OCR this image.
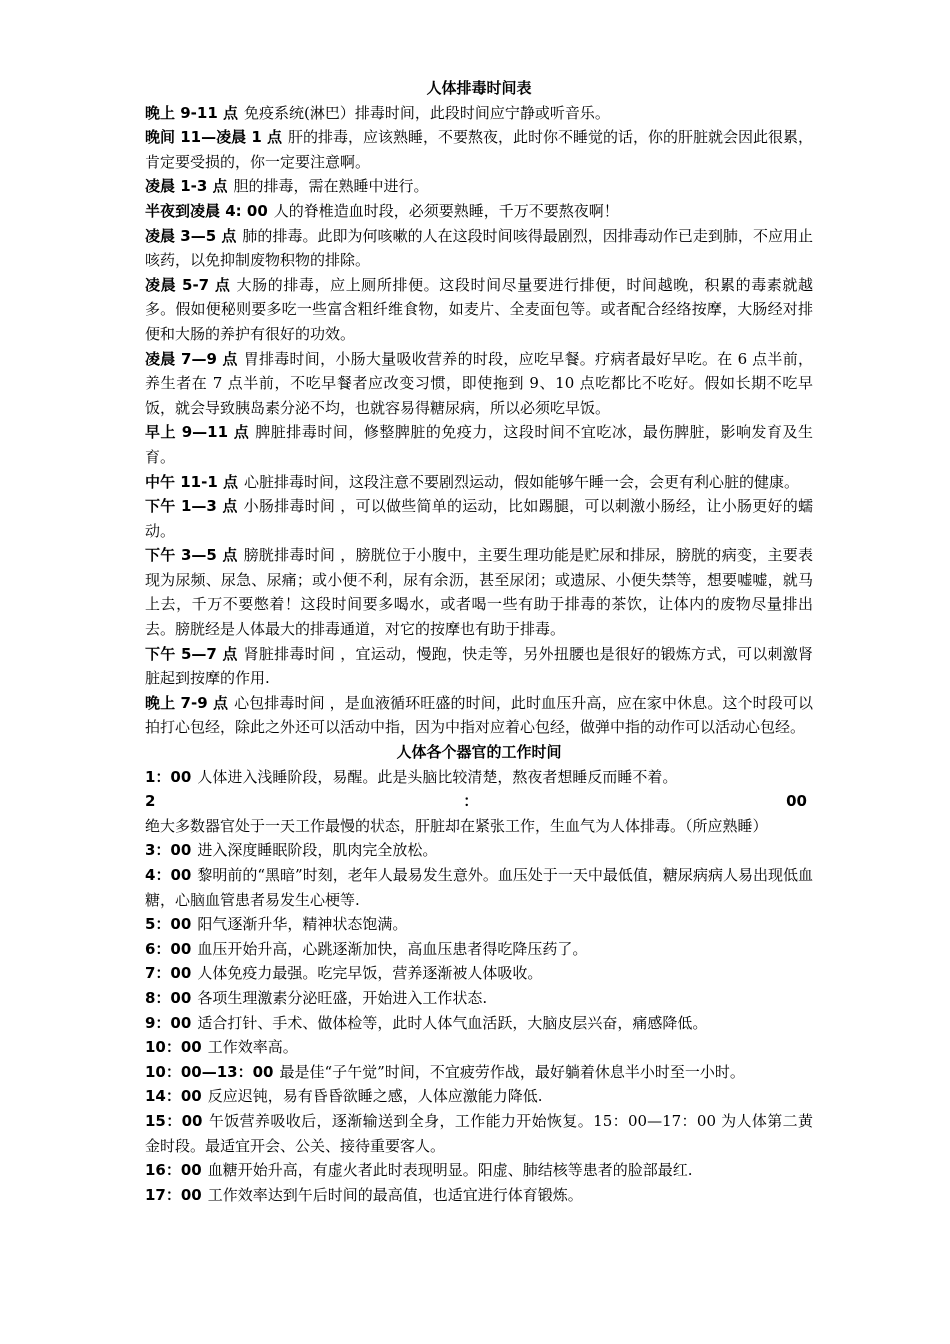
人体排毒时间表

晚上 9-11 点 免疫系统(淋巴）排毒时间，此段时间应宁静或听音乐。

晚间 11—凌晨 1 点 肝的排毒，应该熟睡，不要熬夜，此时你不睡觉的话，你的肝脏就会因此很累，肯定要受损的，你一定要注意啊。

凌晨 1-3 点 胆的排毒，需在熟睡中进行。

半夜到凌晨 4: 00 人的脊椎造血时段，必须要熟睡，千万不要熬夜啊！

凌晨 3—5 点 肺的排毒。此即为何咳嗽的人在这段时间咳得最剧烈，因排毒动作已走到肺，不应用止咳药，以免抑制废物积物的排除。

凌晨 5-7 点 大肠的排毒，应上厕所排便。这段时间尽量要进行排便，时间越晚，积累的毒素就越多。假如便秘则要多吃一些富含粗纤维食物，如麦片、全麦面包等。或者配合经络按摩，大肠经对排便和大肠的养护有很好的功效。

凌晨 7—9 点 胃排毒时间，小肠大量吸收营养的时段，应吃早餐。疗病者最好早吃。在 6 点半前，养生者在 7 点半前，不吃早餐者应改变习惯，即使拖到 9、10 点吃都比不吃好。假如长期不吃早饭，就会导致胰岛素分泌不均，也就容易得糖尿病，所以必须吃早饭。

早上 9—11 点 脾脏排毒时间，修整脾脏的免疫力，这段时间不宜吃冰，最伤脾脏，影响发育及生育。

中午 11-1 点 心脏排毒时间，这段注意不要剧烈运动，假如能够午睡一会，会更有利心脏的健康。

下午 1—3 点 小肠排毒时间 ，可以做些简单的运动，比如踢腿，可以刺激小肠经，让小肠更好的蠕动。

下午 3—5 点 膀胱排毒时间 ，膀胱位于小腹中，主要生理功能是贮尿和排尿，膀胱的病变，主要表现为尿频、尿急、尿痛；或小便不利，尿有余沥，甚至尿闭；或遗尿、小便失禁等，想要嘘嘘，就马上去，千万不要憋着！这段时间要多喝水，或者喝一些有助于排毒的茶饮，让体内的废物尽量排出去。膀胱经是人体最大的排毒通道，对它的按摩也有助于排毒。

下午 5—7 点 肾脏排毒时间 ，宜运动，慢跑，快走等，另外扭腰也是很好的锻炼方式，可以刺激肾脏起到按摩的作用.

晚上 7-9 点 心包排毒时间 ，是血液循环旺盛的时间，此时血压升高，应在家中休息。这个时段可以拍打心包经，除此之外还可以活动中指，因为中指对应着心包经，做弹中指的动作可以活动心包经。

人体各个器官的工作时间

1：00 人体进入浅睡阶段，易醒。此是头脑比较清楚，熬夜者想睡反而睡不着。

2：00绝大多数器官处于一天工作最慢的状态，肝脏却在紧张工作，生血气为人体排毒。（所应熟睡）

3：00 进入深度睡眠阶段，肌肉完全放松。

4：00 黎明前的“黑暗”时刻，老年人最易发生意外。血压处于一天中最低值，糖尿病病人易出现低血糖，心脑血管患者易发生心梗等.

5：00 阳气逐渐升华，精神状态饱满。

6：00 血压开始升高，心跳逐渐加快，高血压患者得吃降压药了。

7：00 人体免疫力最强。吃完早饭，营养逐渐被人体吸收。

8：00 各项生理激素分泌旺盛，开始进入工作状态.

9：00 适合打针、手术、做体检等，此时人体气血活跃，大脑皮层兴奋，痛感降低。

10：00 工作效率高。

10：00—13：00 最是佳“子午觉”时间，不宜疲劳作战，最好躺着休息半小时至一小时。

14：00 反应迟钝，易有昏昏欲睡之感，人体应激能力降低.

15：00 午饭营养吸收后，逐渐输送到全身，工作能力开始恢复。15：00—17：00 为人体第二黄金时段。最适宜开会、公关、接待重要客人。

16：00 血糖开始升高，有虚火者此时表现明显。阳虚、肺结核等患者的脸部最红.

17：00 工作效率达到午后时间的最高值，也适宜进行体育锻炼。
